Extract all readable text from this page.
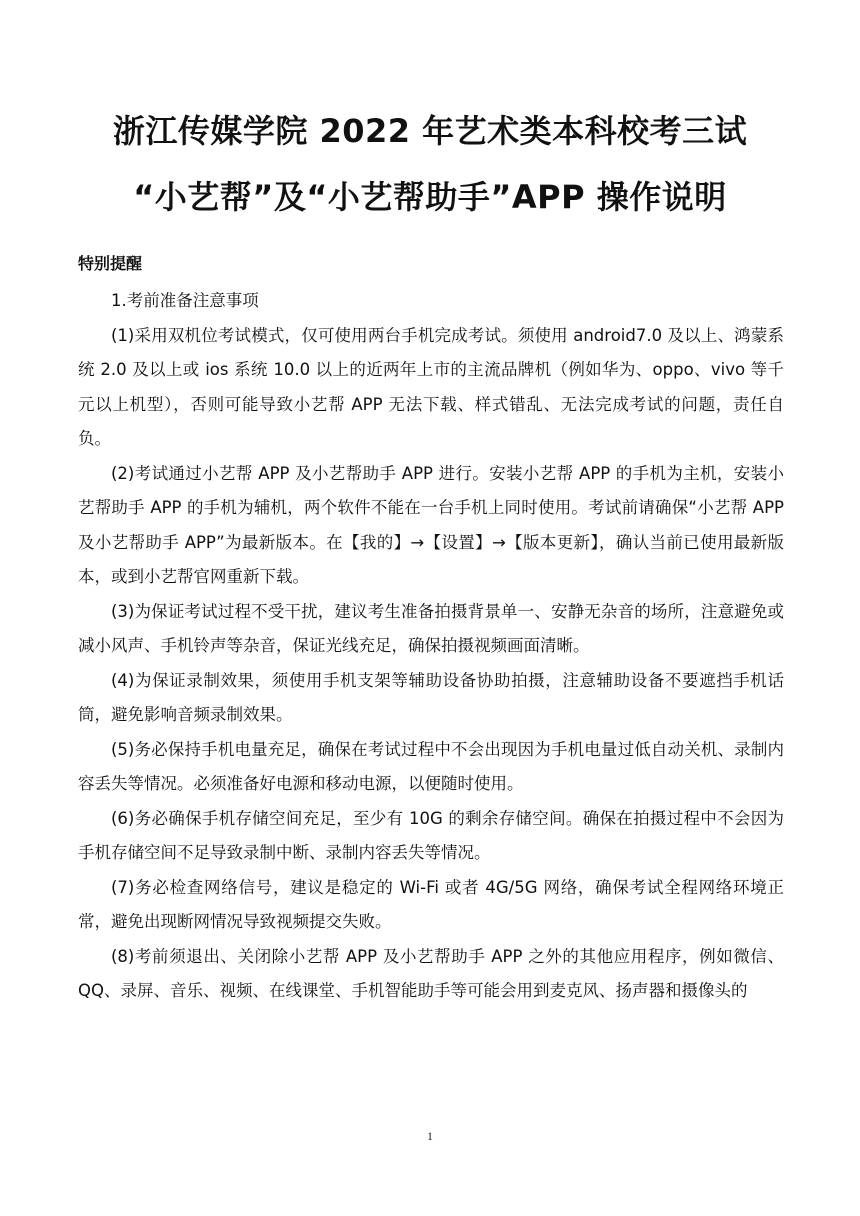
浙江传媒学院 2022 年艺术类本科校考三试
“小艺帮”及“小艺帮助手”APP 操作说明
特别提醒

1.考前准备注意事项

(1)采用双机位考试模式，仅可使用两台手机完成考试。须使用 android7.0 及以上、鸿蒙系统 2.0 及以上或 ios 系统 10.0 以上的近两年上市的主流品牌机（例如华为、oppo、vivo 等千元以上机型），否则可能导致小艺帮 APP 无法下载、样式错乱、无法完成考试的问题，责任自负。

(2)考试通过小艺帮 APP 及小艺帮助手 APP 进行。安装小艺帮 APP 的手机为主机，安装小艺帮助手 APP 的手机为辅机，两个软件不能在一台手机上同时使用。考试前请确保“小艺帮 APP 及小艺帮助手 APP”为最新版本。在【我的】→【设置】→【版本更新】，确认当前已使用最新版本，或到小艺帮官网重新下载。

(3)为保证考试过程不受干扰，建议考生准备拍摄背景单一、安静无杂音的场所，注意避免或减小风声、手机铃声等杂音，保证光线充足，确保拍摄视频画面清晰。

(4)为保证录制效果，须使用手机支架等辅助设备协助拍摄，注意辅助设备不要遮挡手机话筒，避免影响音频录制效果。

(5)务必保持手机电量充足，确保在考试过程中不会出现因为手机电量过低自动关机、录制内容丢失等情况。必须准备好电源和移动电源，以便随时使用。

(6)务必确保手机存储空间充足，至少有 10G 的剩余存储空间。确保在拍摄过程中不会因为手机存储空间不足导致录制中断、录制内容丢失等情况。

(7)务必检查网络信号，建议是稳定的 Wi-Fi 或者 4G/5G 网络，确保考试全程网络环境正常，避免出现断网情况导致视频提交失败。

(8)考前须退出、关闭除小艺帮 APP 及小艺帮助手 APP 之外的其他应用程序，例如微信、QQ、录屏、音乐、视频、在线课堂、手机智能助手等可能会用到麦克风、扬声器和摄像头的

1
